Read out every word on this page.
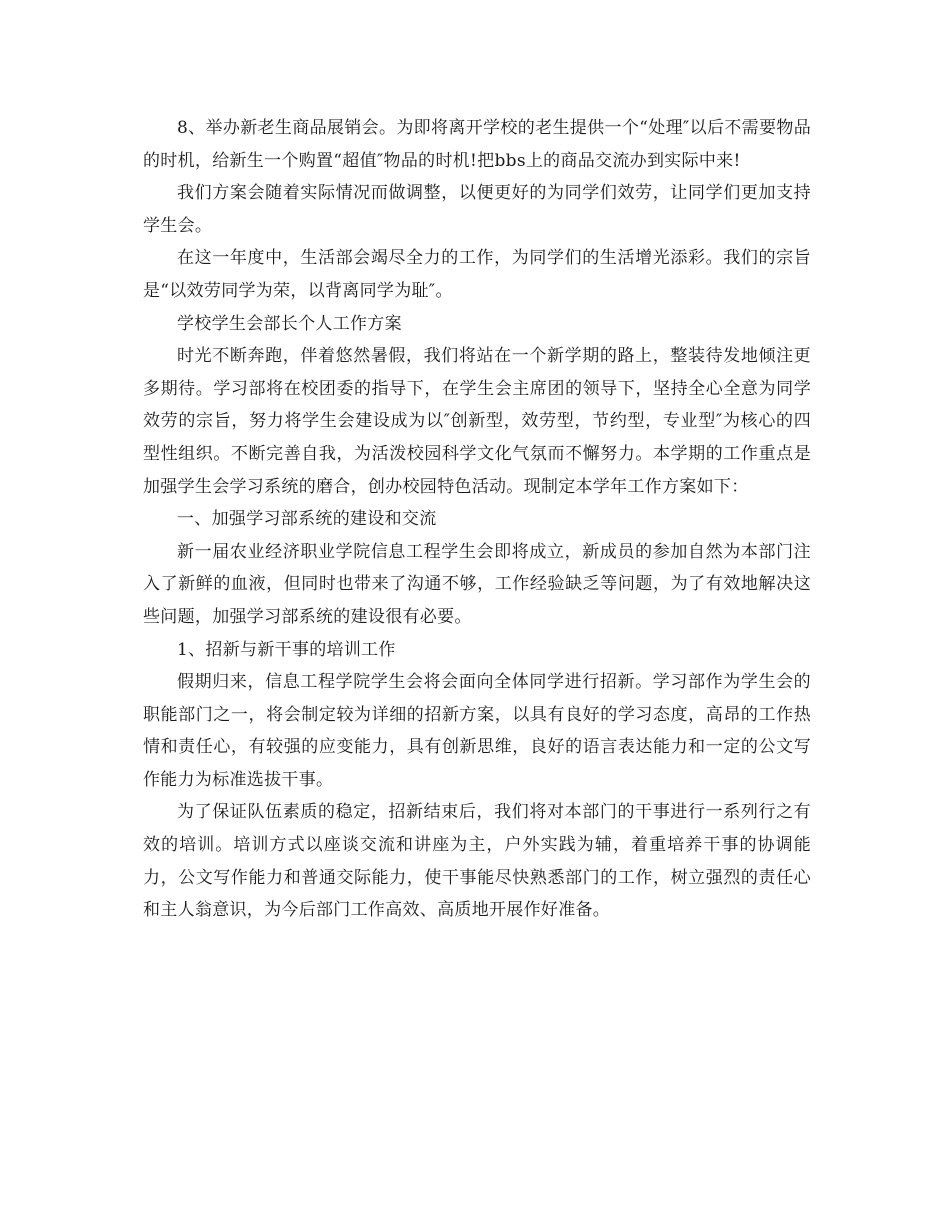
8、举办新老生商品展销会。为即将离开学校的老生提供一个“处理″以后不需要物品的时机，给新生一个购置“超值″物品的时机!把bbs上的商品交流办到实际中来!

我们方案会随着实际情况而做调整，以便更好的为同学们效劳，让同学们更加支持学生会。

在这一年度中，生活部会竭尽全力的工作，为同学们的生活增光添彩。我们的宗旨是“以效劳同学为荣，以背离同学为耻″。

学校学生会部长个人工作方案

时光不断奔跑，伴着悠然暑假，我们将站在一个新学期的路上，整装待发地倾注更多期待。学习部将在校团委的指导下，在学生会主席团的领导下，坚持全心全意为同学效劳的宗旨，努力将学生会建设成为以″创新型，效劳型，节约型，专业型″为核心的四型性组织。不断完善自我，为活泼校园科学文化气氛而不懈努力。本学期的工作重点是加强学生会学习系统的磨合，创办校园特色活动。现制定本学年工作方案如下：

一、加强学习部系统的建设和交流

新一届农业经济职业学院信息工程学生会即将成立，新成员的参加自然为本部门注入了新鲜的血液，但同时也带来了沟通不够，工作经验缺乏等问题，为了有效地解决这些问题，加强学习部系统的建设很有必要。

1、招新与新干事的培训工作

假期归来，信息工程学院学生会将会面向全体同学进行招新。学习部作为学生会的职能部门之一，将会制定较为详细的招新方案，以具有良好的学习态度，高昂的工作热情和责任心，有较强的应变能力，具有创新思维，良好的语言表达能力和一定的公文写作能力为标准选拔干事。

为了保证队伍素质的稳定，招新结束后，我们将对本部门的干事进行一系列行之有效的培训。培训方式以座谈交流和讲座为主，户外实践为辅，着重培养干事的协调能力，公文写作能力和普通交际能力，使干事能尽快熟悉部门的工作，树立强烈的责任心和主人翁意识，为今后部门工作高效、高质地开展作好准备。
